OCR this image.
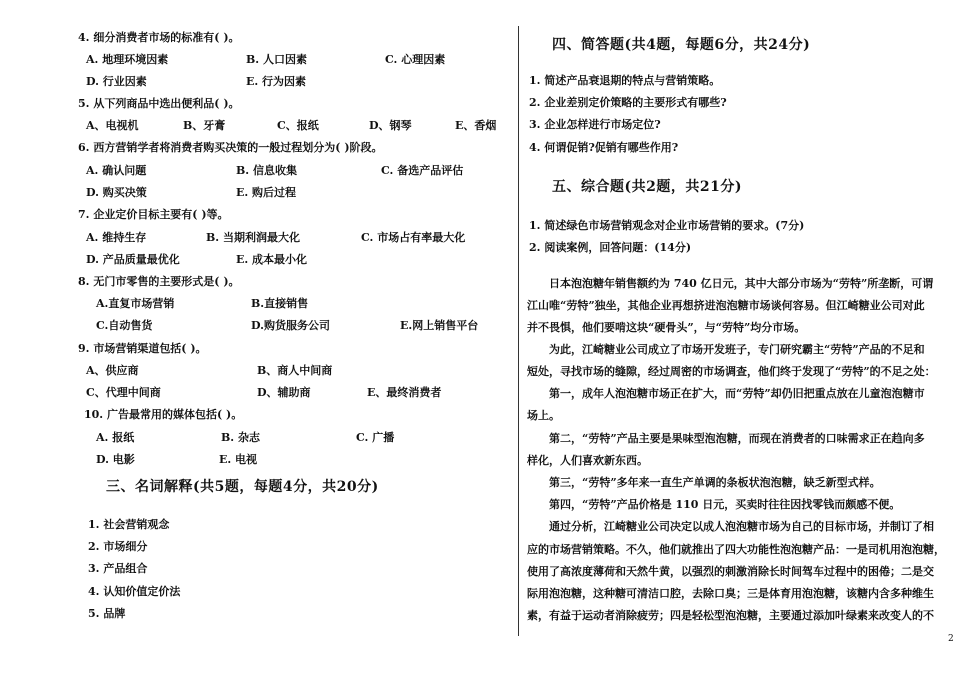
4. 细分消费者市场的标准有( )。
A. 地理环境因素	B. 人口因素	C. 心理因素
D. 行业因素	E. 行为因素
5. 从下列商品中选出便利品( )。
A、电视机	B、牙膏	C、报纸	D、钢琴	E、香烟
6. 西方营销学者将消费者购买决策的一般过程划分为( )阶段。
A. 确认问题	B. 信息收集	C. 备选产品评估
D. 购买决策	E. 购后过程
7. 企业定价目标主要有( )等。
A. 维持生存	B. 当期利润最大化	C. 市场占有率最大化
D. 产品质量最优化	E. 成本最小化
8. 无门市零售的主要形式是( )。
A.直复市场营销	B.直接销售
C.自动售货	D.购货服务公司	E.网上销售平台
9. 市场营销渠道包括( )。
A、供应商	B、商人中间商
C、代理中间商	D、辅助商	E、最终消费者
10. 广告最常用的媒体包括( )。
A. 报纸	B. 杂志	C. 广播
D. 电影	E. 电视
三、名词解释(共5题，每题4分，共20分)
1. 社会营销观念
2. 市场细分
3. 产品组合
4. 认知价值定价法
5. 品牌
四、简答题(共4题，每题6分，共24分)
1. 简述产品衰退期的特点与营销策略。
2. 企业差别定价策略的主要形式有哪些?
3. 企业怎样进行市场定位?
4. 何谓促销?促销有哪些作用?
五、综合题(共2题，共21分)
1. 简述绿色市场营销观念对企业市场营销的要求。(7分)
2. 阅读案例，回答问题：(14分)
日本泡泡糖年销售额约为 740 亿日元，其中大部分市场为“劳特”所垄断，可谓
江山唯“劳特”独坐，其他企业再想挤进泡泡糖市场谈何容易。但江崎糖业公司对此
并不畏惧，他们要啃这块“硬骨头”，与“劳特”均分市场。
为此，江崎糖业公司成立了市场开发班子，专门研究霸主“劳特”产品的不足和
短处，寻找市场的缝隙，经过周密的市场调查，他们终于发现了“劳特”的不足之处：
第一，成年人泡泡糖市场正在扩大，而“劳特”却仍旧把重点放在儿童泡泡糖市
场上。
第二，“劳特”产品主要是果味型泡泡糖，而现在消费者的口味需求正在趋向多
样化，人们喜欢新东西。
第三，“劳特”多年来一直生产单调的条板状泡泡糖，缺乏新型式样。
第四，“劳特”产品价格是 110 日元，买卖时往往因找零钱而颇感不便。
通过分析，江崎糖业公司决定以成人泡泡糖市场为自己的目标市场，并制订了相
应的市场营销策略。不久，他们就推出了四大功能性泡泡糖产品：一是司机用泡泡糖，
使用了高浓度薄荷和天然牛黄，以强烈的刺激消除长时间驾车过程中的困倦；二是交
际用泡泡糖，这种糖可清洁口腔，去除口臭；三是体育用泡泡糖，该糖内含多种维生
素，有益于运动者消除疲劳；四是轻松型泡泡糖，主要通过添加叶绿素来改变人的不
2
